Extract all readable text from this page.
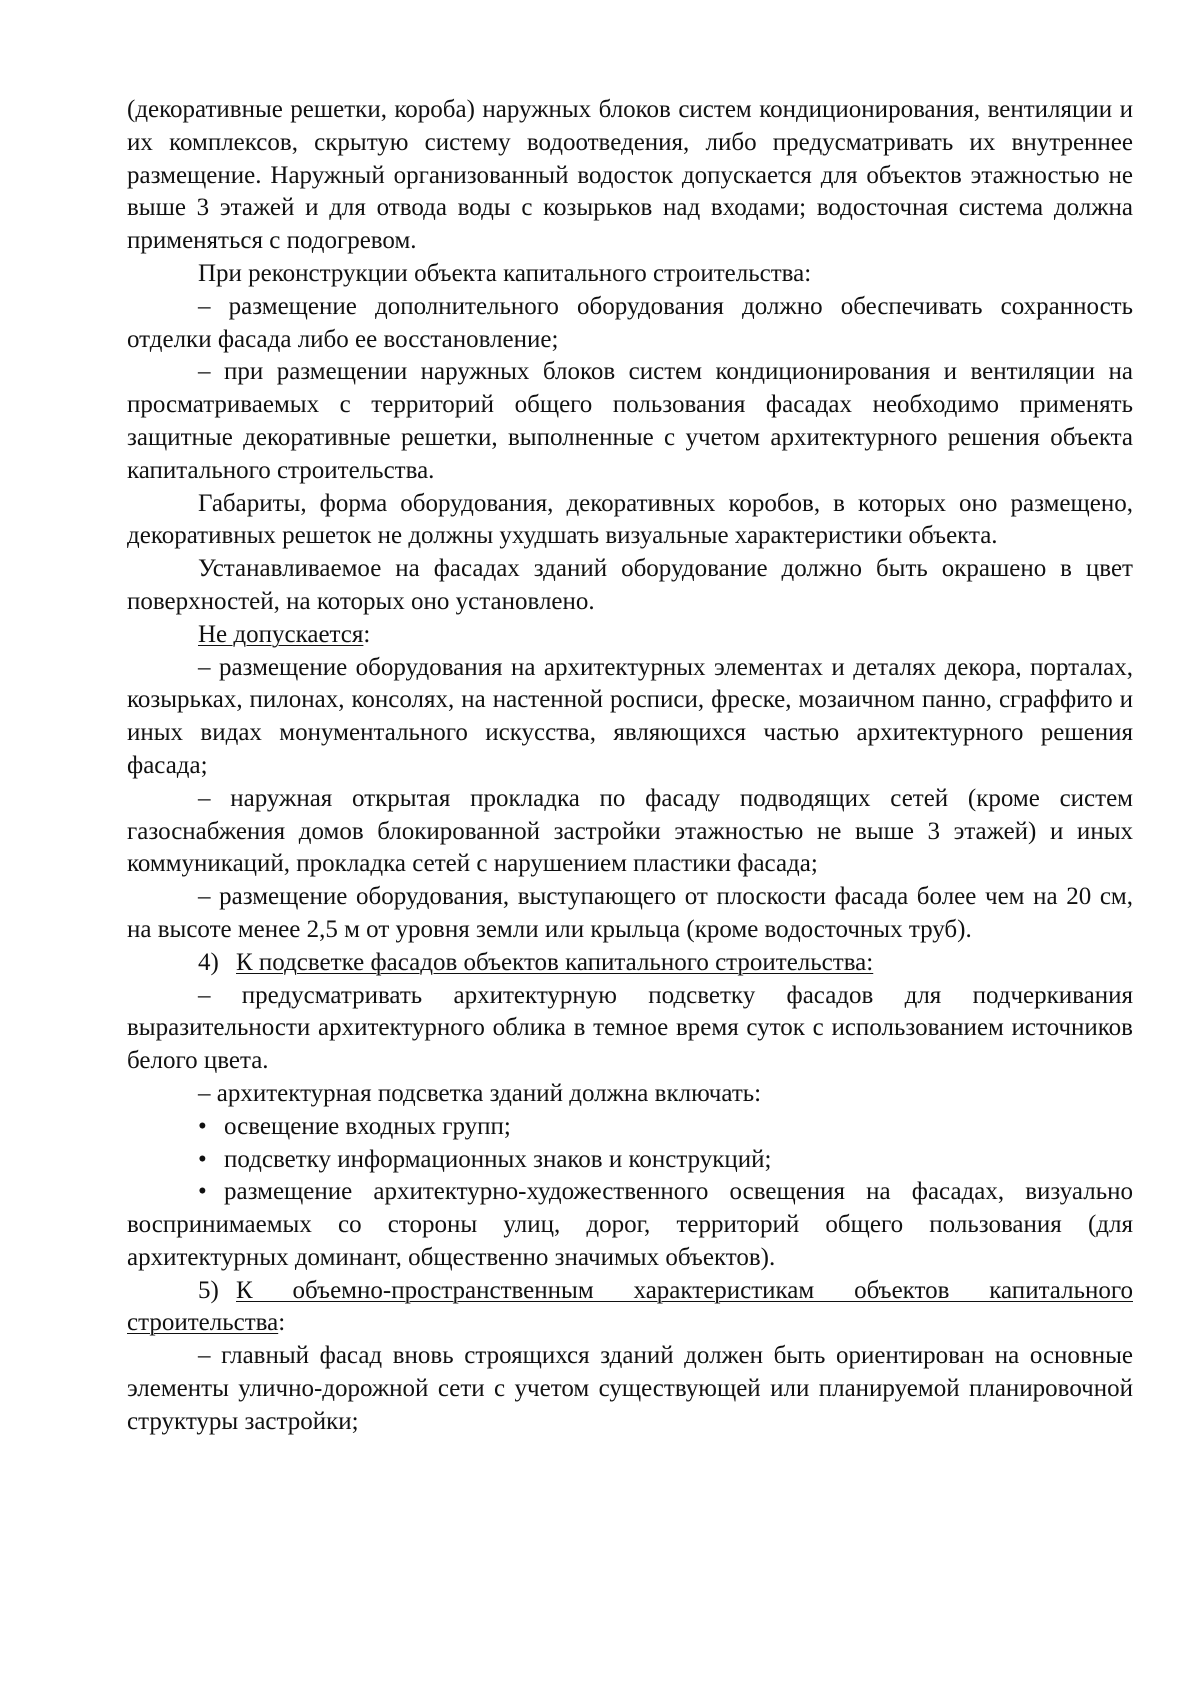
(декоративные решетки, короба) наружных блоков систем кондиционирования, вентиляции и их комплексов, скрытую систему водоотведения, либо предусматривать их внутреннее размещение. Наружный организованный водосток допускается для объектов этажностью не выше 3 этажей и для отвода воды с козырьков над входами; водосточная система должна применяться с подогревом.

При реконструкции объекта капитального строительства:

– размещение дополнительного оборудования должно обеспечивать сохранность отделки фасада либо ее восстановление;

– при размещении наружных блоков систем кондиционирования и вентиляции на просматриваемых с территорий общего пользования фасадах необходимо применять защитные декоративные решетки, выполненные с учетом архитектурного решения объекта капитального строительства.

Габариты, форма оборудования, декоративных коробов, в которых оно размещено, декоративных решеток не должны ухудшать визуальные характеристики объекта.

Устанавливаемое на фасадах зданий оборудование должно быть окрашено в цвет поверхностей, на которых оно установлено.

Не допускается:

– размещение оборудования на архитектурных элементах и деталях декора, порталах, козырьках, пилонах, консолях, на настенной росписи, фреске, мозаичном панно, сграффито и иных видах монументального искусства, являющихся частью архитектурного решения фасада;

– наружная открытая прокладка по фасаду подводящих сетей (кроме систем газоснабжения домов блокированной застройки этажностью не выше 3 этажей) и иных коммуникаций, прокладка сетей с нарушением пластики фасада;

– размещение оборудования, выступающего от плоскости фасада более чем на 20 см, на высоте менее 2,5 м от уровня земли или крыльца (кроме водосточных труб).

4) К подсветке фасадов объектов капитального строительства:

– предусматривать архитектурную подсветку фасадов для подчеркивания выразительности архитектурного облика в темное время суток с использованием источников белого цвета.

– архитектурная подсветка зданий должна включать:

• освещение входных групп;

• подсветку информационных знаков и конструкций;

• размещение архитектурно-художественного освещения на фасадах, визуально воспринимаемых со стороны улиц, дорог, территорий общего пользования (для архитектурных доминант, общественно значимых объектов).

5) К объемно-пространственным характеристикам объектов капитального строительства:

– главный фасад вновь строящихся зданий должен быть ориентирован на основные элементы улично-дорожной сети с учетом существующей или планируемой планировочной структуры застройки;
